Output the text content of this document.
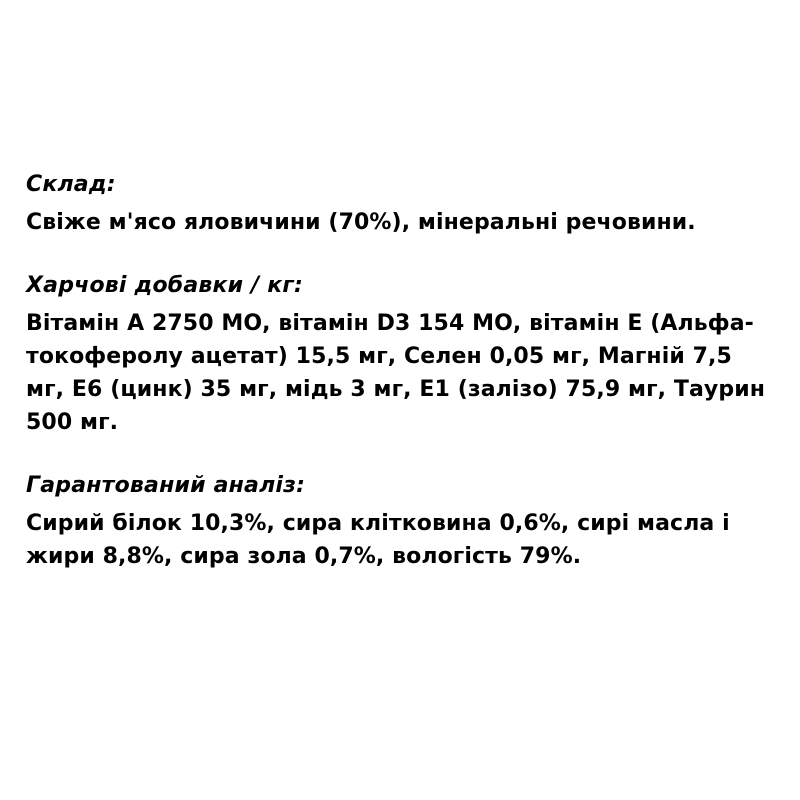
Склад:

Свіже м'ясо яловичини (70%), мінеральні речовини.

Харчові добавки / кг:

Вітамін А 2750 МО, вітамін D3 154 МО, вітамін Е (Альфа-токоферолу ацетат) 15,5 мг, Селен 0,05 мг, Магній 7,5 мг, Е6 (цинк) 35 мг, мідь 3 мг, Е1 (залізо) 75,9 мг, Таурин 500 мг.

Гарантований аналіз:

Сирий білок 10,3%, сира клітковина 0,6%, сирі масла і жири 8,8%, сира зола 0,7%, вологість 79%.
